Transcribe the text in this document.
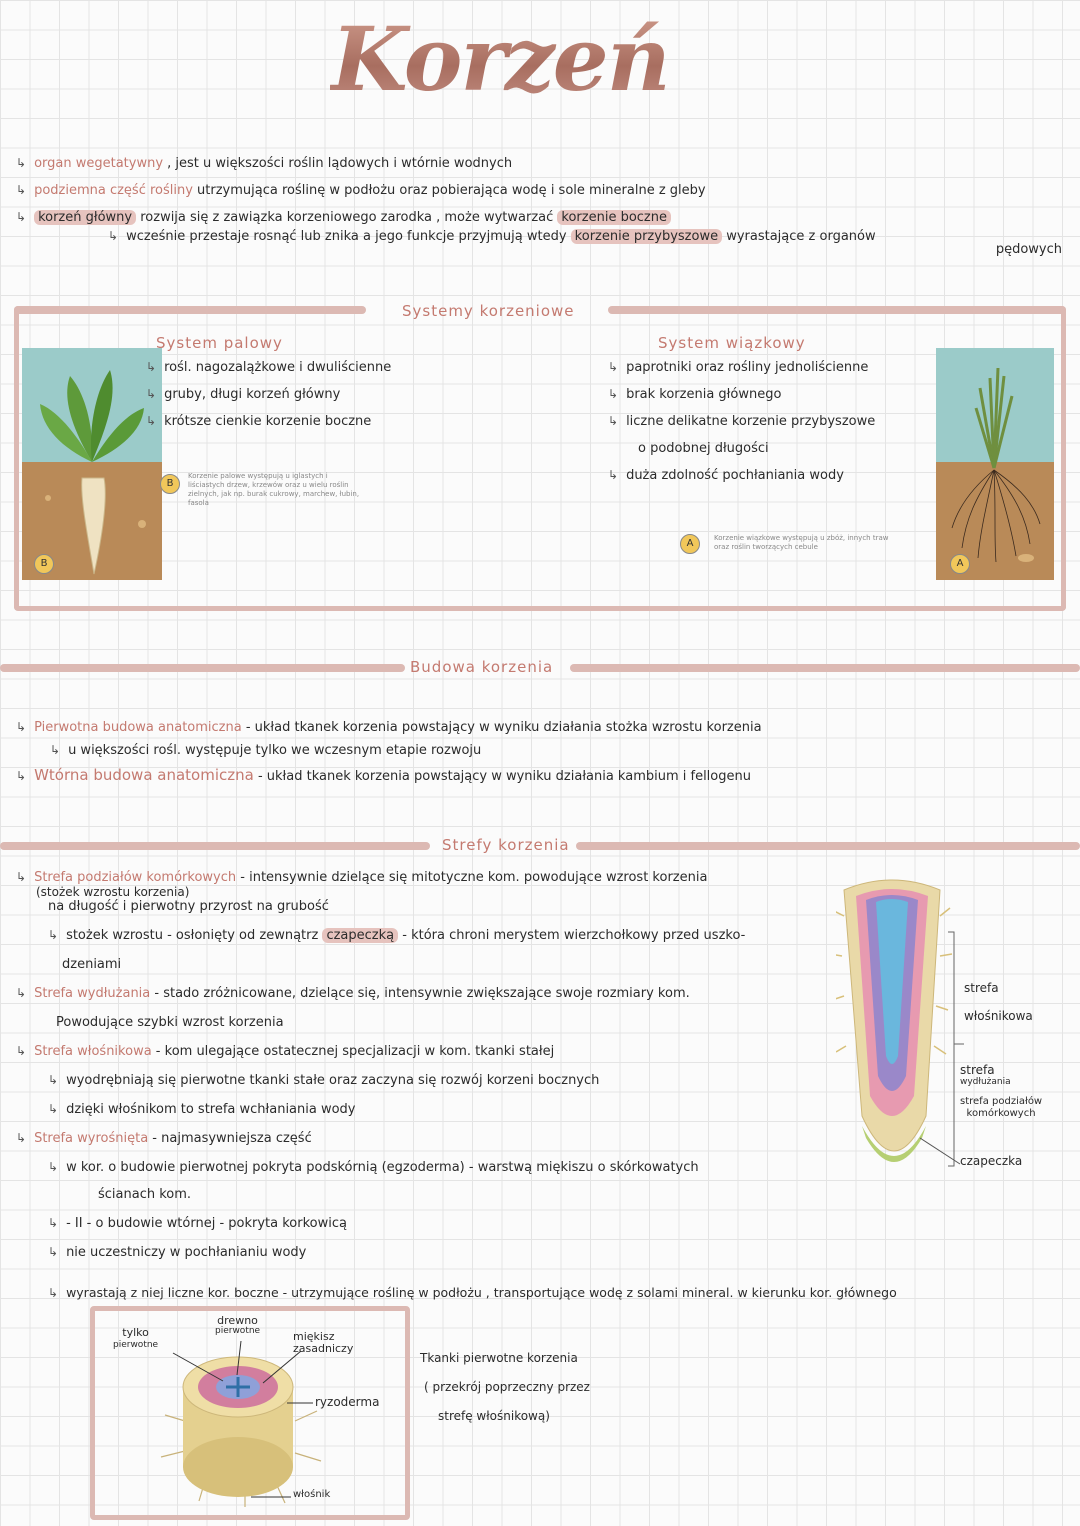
Korzeń
↳ organ wegetatywny , jest u większości roślin lądowych i wtórnie wodnych
↳ podziemna część rośliny utrzymująca roślinę w podłożu oraz pobierająca wodę i sole mineralne z gleby
↳ korzeń główny rozwija się z zawiązka korzeniowego zarodka , może wytwarzać korzenie boczne
↳ wcześnie przestaje rosnąć lub znika a jego funkcje przyjmują wtedy korzenie przybyszowe wyrastające z organów
pędowych
Systemy korzeniowe
B
System palowy
↳ rośl. nagozalążkowe i dwuliścienne
↳ gruby, długi korzeń główny
↳ krótsze cienkie korzenie boczne
B
Korzenie palowe występują u iglastych i liściastych drzew, krzewów oraz u wielu roślin zielnych, jak np. burak cukrowy, marchew, łubin, fasola
A
System wiązkowy
↳ paprotniki oraz rośliny jednoliścienne
↳ brak korzenia głównego
↳ liczne delikatne korzenie przybyszowe
o podobnej długości
↳ duża zdolność pochłaniania wody
A	Korzenie wiązkowe występują u zbóż, innych traw oraz roślin tworzących cebule
Budowa korzenia
↳ Pierwotna budowa anatomiczna - układ tkanek korzenia powstający w wyniku działania stożka wzrostu korzenia
↳ u większości rośl. występuje tylko we wczesnym etapie rozwoju
↳ Wtórna budowa anatomiczna - układ tkanek korzenia powstający w wyniku działania kambium i fellogenu
Strefy korzenia
↳ Strefa podziałów komórkowych - intensywnie dzielące się mitotyczne kom. powodujące wzrost korzenia
(stożek wzrostu korzenia)
na długość i pierwotny przyrost na grubość
↳ stożek wzrostu - osłonięty od zewnątrz czapeczką - która chroni merystem wierzchołkowy przed uszko-
dzeniami
↳ Strefa wydłużania - stado zróżnicowane, dzielące się, intensywnie zwiększające swoje rozmiary kom.
Powodujące szybki wzrost korzenia
↳ Strefa włośnikowa - kom ulegające ostatecznej specjalizacji w kom. tkanki stałej
↳ wyodrębniają się pierwotne tkanki stałe oraz zaczyna się rozwój korzeni bocznych
↳ dzięki włośnikom to strefa wchłaniania wody
↳ Strefa wyrośnięta - najmasywniejsza część
↳ w kor. o budowie pierwotnej pokryta podskórnią (egzoderma) - warstwą miękiszu o skórkowatych
ścianach kom.
↳ - II - o budowie wtórnej - pokryta korkowicą
↳ nie uczestniczy w pochłanianiu wody
↳ wyrastają z niej liczne kor. boczne - utrzymujące roślinę w podłożu , transportujące wodę z solami mineral. w kierunku kor. głównego
strefa
włośnikowa
strefa
wydłużania
strefa podziałów
komórkowych
czapeczka
tylko
pierwotne
drewno
pierwotne	miękisz
zasadniczy
ryzoderma
włośnik
Tkanki pierwotne korzenia
( przekrój poprzeczny przez
strefę włośnikową)
